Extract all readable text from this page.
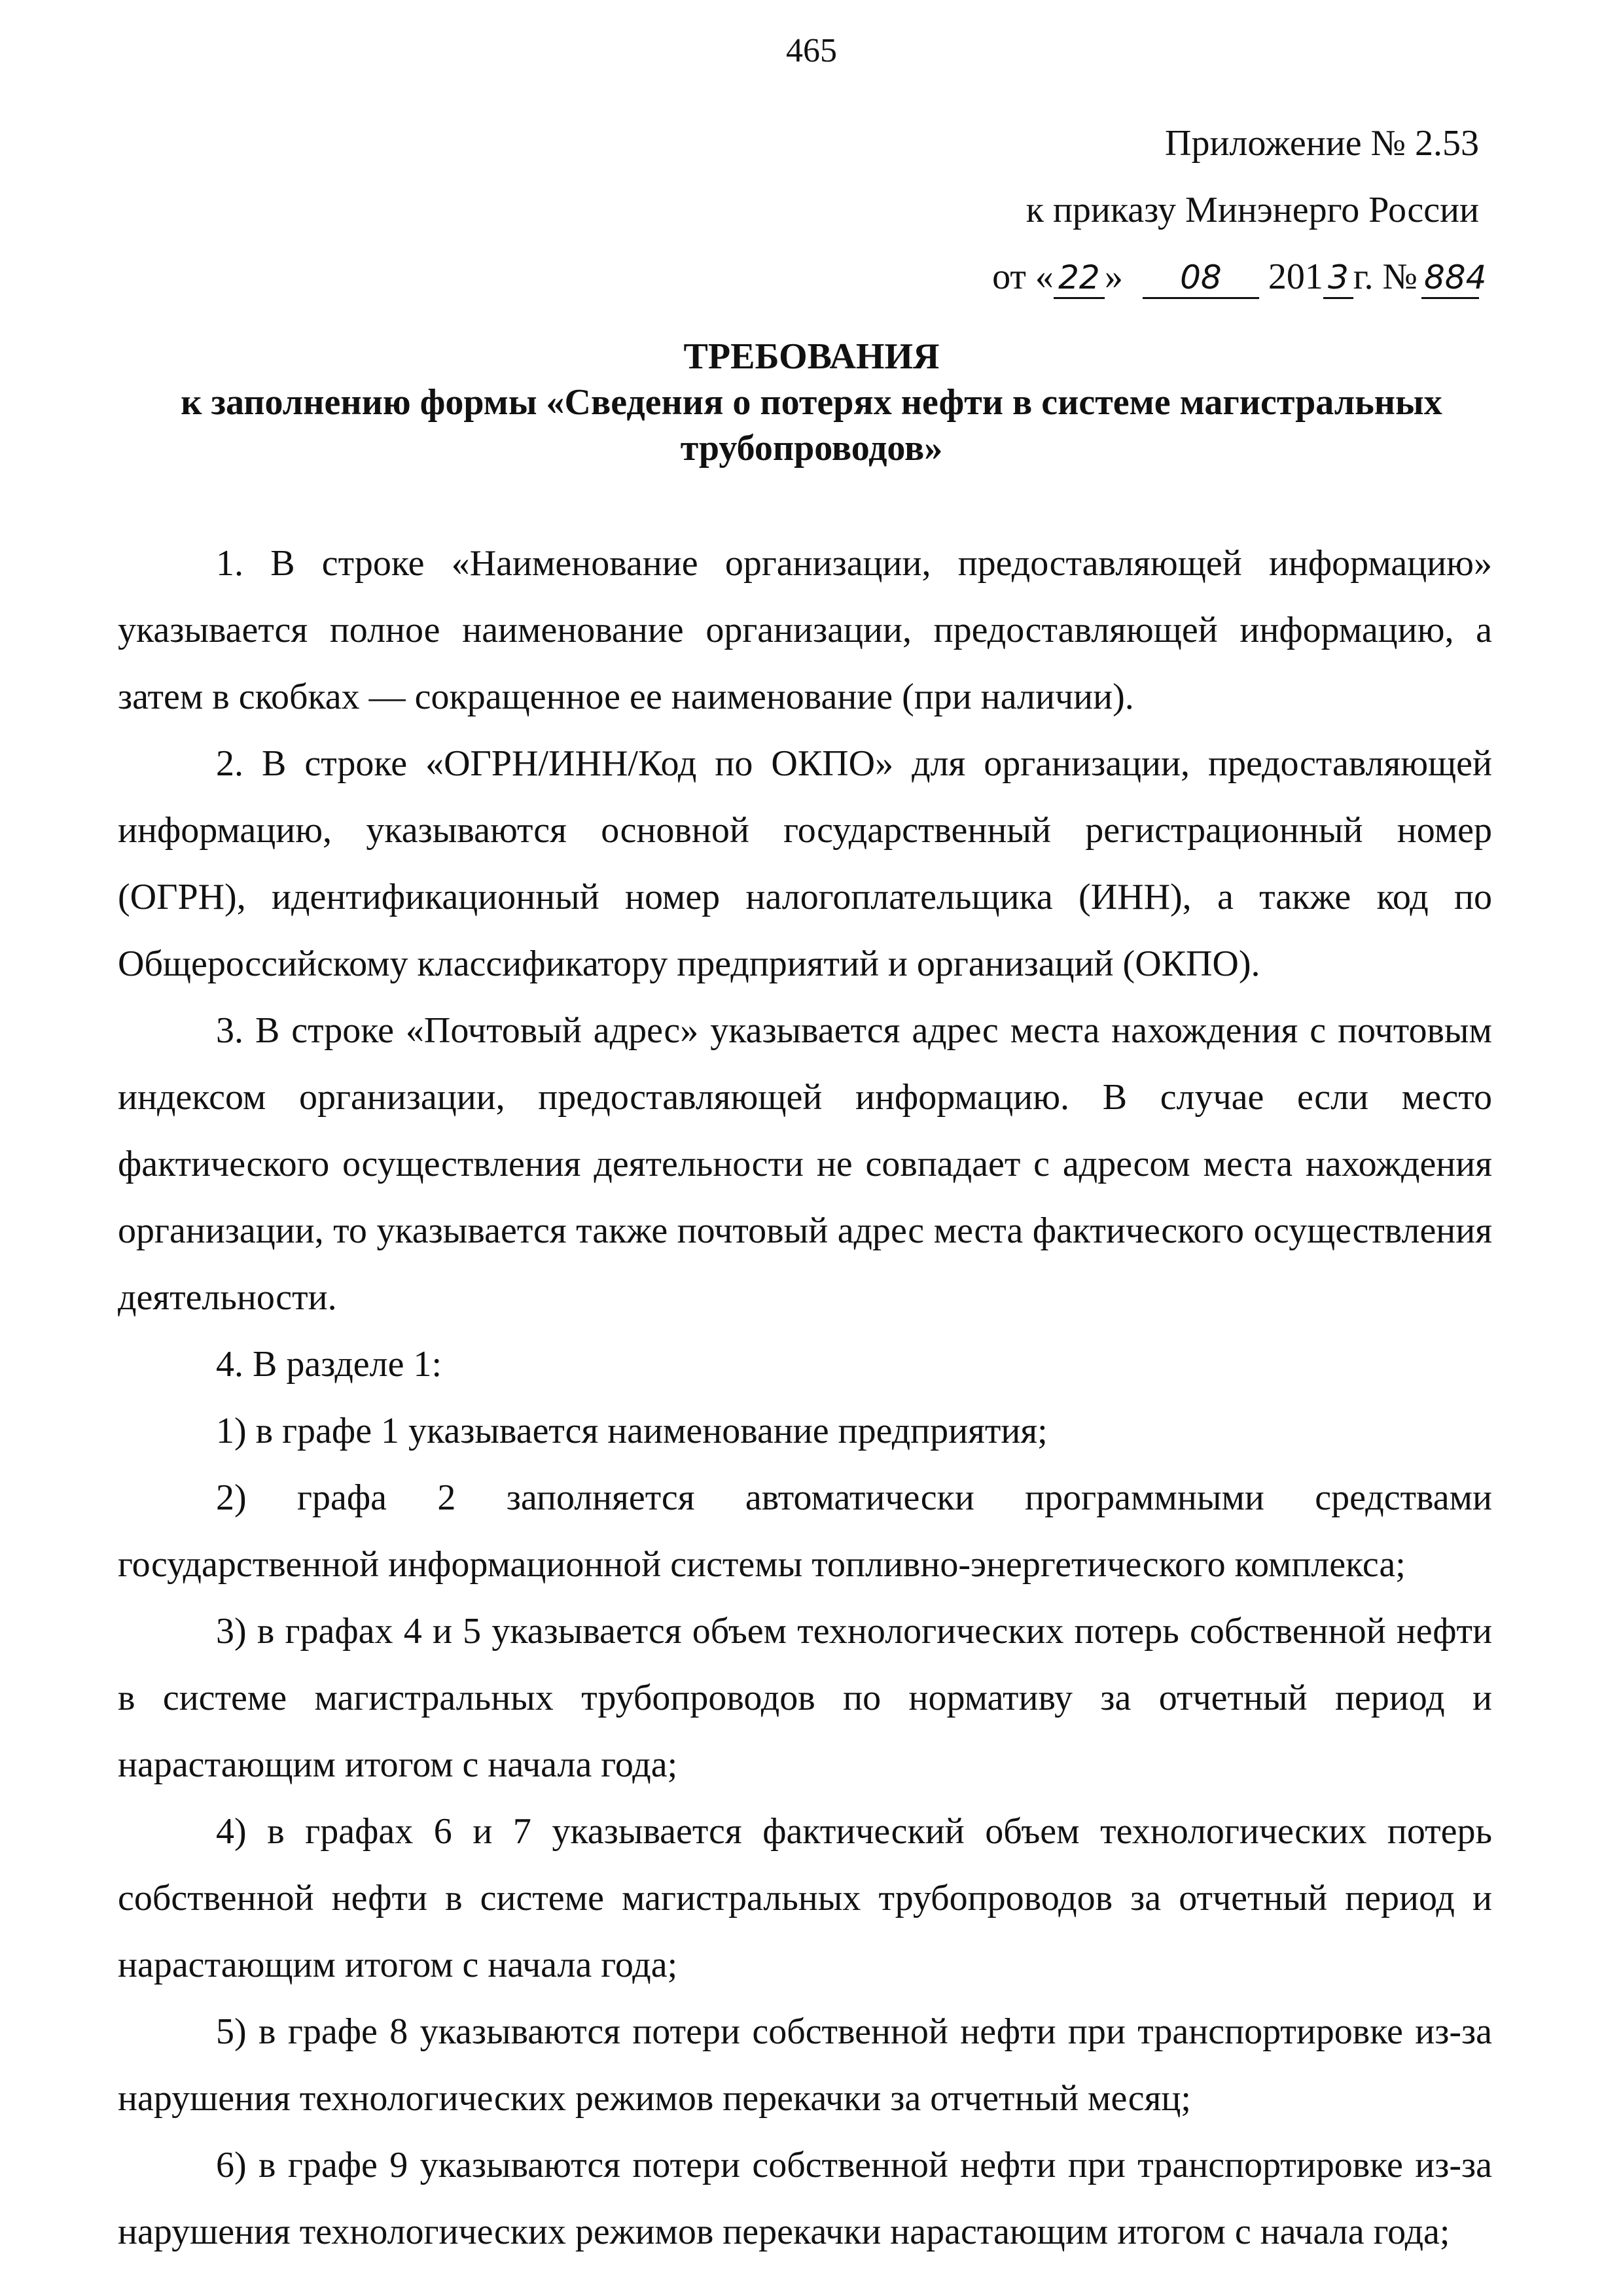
465
Приложение № 2.53
к приказу Минэнерго России
от « 22 » 08 201 3 г. № 884
ТРЕБОВАНИЯ
к заполнению формы «Сведения о потерях нефти в системе магистральных трубопроводов»

1. В строке «Наименование организации, предоставляющей информацию» указывается полное наименование организации, предоставляющей информацию, а затем в скобках — сокращенное ее наименование (при наличии).

2. В строке «ОГРН/ИНН/Код по ОКПО» для организации, предоставляющей информацию, указываются основной государственный регистрационный номер (ОГРН), идентификационный номер налогоплательщика (ИНН), а также код по Общероссийскому классификатору предприятий и организаций (ОКПО).

3. В строке «Почтовый адрес» указывается адрес места нахождения с почтовым индексом организации, предоставляющей информацию. В случае если место фактического осуществления деятельности не совпадает с адресом места нахождения организации, то указывается также почтовый адрес места фактического осуществления деятельности.

4. В разделе 1:

1) в графе 1 указывается наименование предприятия;

2) графа 2 заполняется автоматически программными средствами государственной информационной системы топливно-энергетического комплекса;

3) в графах 4 и 5 указывается объем технологических потерь собственной нефти в системе магистральных трубопроводов по нормативу за отчетный период и нарастающим итогом с начала года;

4) в графах 6 и 7 указывается фактический объем технологических потерь собственной нефти в системе магистральных трубопроводов за отчетный период и нарастающим итогом с начала года;

5) в графе 8 указываются потери собственной нефти при транспортировке из-за нарушения технологических режимов перекачки за отчетный месяц;

6) в графе 9 указываются потери собственной нефти при транспортировке из-за нарушения технологических режимов перекачки нарастающим итогом с начала года;
